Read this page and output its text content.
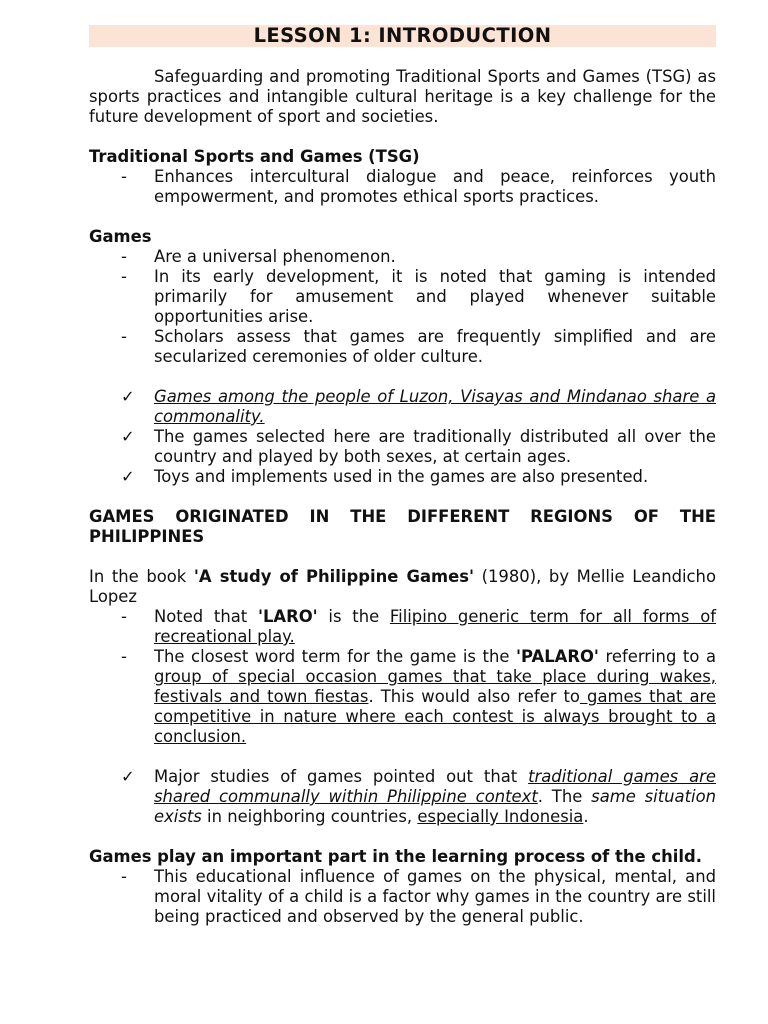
LESSON 1: INTRODUCTION

Safeguarding and promoting Traditional Sports and Games (TSG) as sports practices and intangible cultural heritage is a key challenge for the future development of sport and societies.

Traditional Sports and Games (TSG)

-	Enhances intercultural dialogue and peace, reinforces youth empowerment, and promotes ethical sports practices.

Games

-	Are a universal phenomenon.
-	In its early development, it is noted that gaming is intended primarily for amusement and played whenever suitable opportunities arise.
-	Scholars assess that games are frequently simplified and are secularized ceremonies of older culture.
✓	Games among the people of Luzon, Visayas and Mindanao share a commonality.
✓	The games selected here are traditionally distributed all over the country and played by both sexes, at certain ages.
✓	Toys and implements used in the games are also presented.

GAMES ORIGINATED IN THE DIFFERENT REGIONS OF THE PHILIPPINES

In the book 'A study of Philippine Games' (1980), by Mellie Leandicho Lopez

-	Noted that 'LARO' is the Filipino generic term for all forms of recreational play.
-	The closest word term for the game is the 'PALARO' referring to a group of special occasion games that take place during wakes, festivals and town fiestas. This would also refer to games that are competitive in nature where each contest is always brought to a conclusion.
✓	Major studies of games pointed out that traditional games are shared communally within Philippine context. The same situation exists in neighboring countries, especially Indonesia.

Games play an important part in the learning process of the child.

-	This educational influence of games on the physical, mental, and moral vitality of a child is a factor why games in the country are still being practiced and observed by the general public.
